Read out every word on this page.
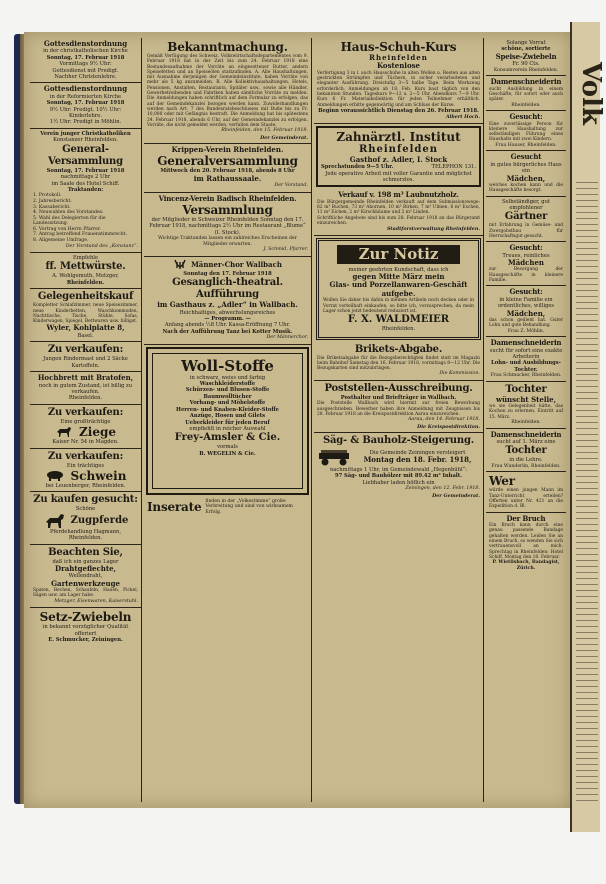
Gottesdienstordnung
in der christkatholischen Kirche
Sonntag, 17. Februar 1918
Vormittags 9½ Uhr:
Gottesdienst mit Predigt.
Nachher Christenlehre.
Gottesdienstordnung
in der Reformierten Kirche
Sonntag, 17. Februar 1918
9½ Uhr: Predigt. 10½ Uhr: Kinderlehre.
1½ Uhr: Predigt in Möhlin.
Verein junger Christkatholiken
Konstanzer Rheinfelden.
General-Versammlung
Sonntag, 17. Februar 1918
nachmittags 2 Uhr
im Saale des Hotel Schiff.
Traktanden:
1. Protokoll.
2. Jahresbericht.
3. Kassabericht.
4. Neuwahlen des Vorstandes.
5. Wahl des Delegierten für die Landessitzung.
6. Vortrag von Herrn Pfarrer.
7. Antrag betreffend Frauenstimmrecht.
8. Allgemeine Umfrage.
Der Vorstand des „Konstanz“.
Empfehle
ff. Mettwürste.
A. Wohlgemuth, Metzger,
Rheinfelden.
Gelegenheitskauf
Kompletter Schlafzimmer, neue Speisezimmer, neue Kinderbetten, Waschkommoden, Nachttische, Tische, Stühle, Sofas, Kinderwagen, Spiegel, Bettwaren usw. billigst.
Wyler, Kohlplatte 8,
Basel.
Zu verkaufen:
Jungen Rindermast und 2 Säcke Kartoffeln.
Hochbrett mit Bratofen,
noch in gutem Zustand, ist billig zu verkaufen.
Rheinfelden.
Zu verkaufen:
Eine großträchtige
Ziege
Kaiser Nr. 54 in Magden.
Zu verkaufen:
Ein trächtiges
Schwein
bei Leuenberger, Rheinfelden.
Zu kaufen gesucht:
Schöne
Zugpferde
Pferdehandlung Hagmann, Rheinfelden.
Beachten Sie,
daß ich ein ganzes Lager
Drahtgeflechte,
Wellendraht,
Gartenwerkzeuge
Spaten, Rechen, Schaufeln, Hauen, Pickel, Sägen usw. am Lager habe.
Metzger, Eisenwaren, Kaiserstuhl.
Setz-Zwiebeln
in bekannt vorzüglicher Qualität offeriert
E. Schmucker, Zeiningen.
Bekanntmachung.
Gemäß Verfügung des Schweiz. Volkswirtschaftsdepartementes vom 9. Februar 1918 hat in der Zeit bis zum 24. Februar 1918 eine Bestandesaufnahme der Vorräte an eingesottener Butter, andern Speisefetten und an Speiseölen stattzufinden. A. Alle Haushaltungen, mit Ausnahme derjenigen der Gemeindeinstitute, haben Vorräte von mehr als 5 kg anzumelden. B. Alle Kollektivhaushaltungen, Hotels, Pensionen, Anstalten, Restaurants, Spitäler usw., sowie alle Händler, Gewerbetreibenden und Fabriken haben sämtliche Vorräte zu melden. Die Anmeldungen haben schriftlich auf dem Formular zu erfolgen, das auf der Gemeindekanzlei bezogen werden kann. Zuwiderhandlungen werden nach Art. 7 des Bundesratsbeschlusses mit Buße bis zu Fr. 10,000 oder mit Gefängnis bestraft. Die Anmeldung hat bis spätestens 24. Februar 1918, abends 6 Uhr, auf der Gemeindekanzlei zu erfolgen. Vorräte, die nicht gemeldet werden, verfallen dem Staate.
Rheinfelden, den 15. Februar 1918.
Der Gemeinderat.
Krippen-Verein Rheinfelden.
Generalversammlung
Mittwoch den 20. Februar 1918, abends 8 Uhr
im Rathaussaale.
Der Vorstand.
Vincenz-Verein Badisch Rheinfelden.
Versammlung
der Mitglieder in Schweizer Rheinfelden Sonntag den 17. Februar 1918, nachmittags 2½ Uhr im Restaurant „Blume“ (I. Stock).
Wichtige Traktanden lassen ein zahlreiches Erscheinen der Mitglieder erwarten.
J. Schmid, Pfarrer.
Männer-Chor Wallbach
Sonntag den 17. Februar 1918
Gesanglich-theatral. Aufführung
im Gasthaus z. „Adler“ in Wallbach.
Reichhaltiges, abwechslungsreiches
— Programm. —
Anfang abends ½8 Uhr. Kassa-Eröffnung 7 Uhr.
Nach der Aufführung Tanz bei Kotter Musik.
Der Männerchor.
Woll-Stoffe
in schwarz, weiss und farbig
Waschkleiderstoffe
Schürzen- und Blusen-Stoffe
Baumwolltücher
Vorhang- und Möbelstoffe
Herren- und Knaben-Kleider-Stoffe
Anzüge, Hosen und Gilets
Ueberkleider für jeden Beruf
empfiehlt in reicher Auswahl
Frey-Amsler & Cie.
vormals
B. WEGELIN & Cie.
Inserate finden in der „Volksstimme“ große Verbreitung und sind von wirksamem Erfolg.
Haus-Schuh-Kurs
Rheinfelden
Kostenlose
Verfertigung 3 in l. auch Hausschuhe in alten Wollen u. Resten aus alten gestrickten Strümpfen und Tüchern, in sicher verarbeiteten und eleganter Ausführung. Dreistufig 3—5 halbe Tage. Beim Werkzeug erforderlich. Anmeldungen ab 18. Feb. Kurs baut täglich von den bekannten Stunden. Tageskurs 9—12 u. 2—5 Uhr. Abendkurs 7—9 Uhr. Kurs 6 Fr. Materialkollektion für jeden Teilnehmer erhältlich. Anmeldungen erbitte gegenwärtig und am Schluss der Kurse.
Beginn voraussichtlich Dienstag den 26. Februar 1918.
Albert Hoch.
Zahnärztl. Institut
Rheinfelden
Gasthof z. Adler, I. Stock
Sprechstunden 9—5 Uhr.	TELEPHON 131.
Jede operative Arbeit mit voller Garantie und möglichst schmerzlos.
Verkauf v. 198 m³ Laubnutzholz.
Die Bürgergemeinde Rheinfelden verkauft auf dem Submissionswege: 82 m³ Buchen, 73 m³ Ahornen, 10 m³ Birken, 7 m³ Ulmen, 6 m³ Eschen, 11 m³ Eichen, 2 m³ Kirschbäume und 2 m³ Linden.
Schriftliche Angebote sind bis zum 28. Februar 1918 an das Bürgeramt einzureichen.
Stadtforstverwaltung Rheinfelden.
Zur Notiz
meiner geehrten Kundschaft, dass ich
gegen Mitte März mein
Glas- und Porzellanwaren-Geschäft
aufgebe.
Wollen Sie daher bis dahin in meinen Artikeln noch decken oder in Vorrat vorteilhaft einkaufen, so bitte ich, vorzusprechen, da mein Lager schon jetzt bedeutend reduziert ist.
F. X. WALDMEIER
Rheinfelden.
Brikets-Abgabe.
Die Briketsabgabe für die Bezugsberechtigten findet statt im Magazin beim Bahnhof Samstag den 16. Februar 1918, vormittags 8—12 Uhr. Die Bezugskarten sind mitzubringen.
Die Kommission.
Poststellen-Ausschreibung.
Posthalter und Briefträger in Wallbach.
Die Poststelle Wallbach wird hiermit zur freien Bewerbung ausgeschrieben. Bewerber haben ihre Anmeldung mit Zeugnissen bis 28. Februar 1918 an die Kreispostdirektion Aarau einzureichen.
Aarau, den 14. Februar 1918.
Die Kreispostdirektion.
Säg- & Bauholz-Steigerung.
Die Gemeinde Zeiningen versteigert
Montag den 18. Febr. 1918,
nachmittags 1 Uhr, im Gemeindewald „Hegenbühl“:
97 Säg- und Bauhölzer mit 89.42 m³ Inhalt.
Liebhaber laden höflich ein
Zeiningen, den 12. Febr. 1918.
Der Gemeinderat.
Solange Vorrat
schöne, sortierte
Speise-Zwiebeln
Fr. 90 Cts.
Konsumverein Rheinfelden.
Damenschneiderin
sucht Ausbildung in einem Geschäfte, für sofort oder auch später.
Rheinfelden.
Gesucht:
Eine zuverlässige Person für kleinere Haushaltung zur selbständigen Führung eines Haushalts mit zwei Kindern.
Frau Hauser, Rheinfelden.
Gesucht
in gutes bürgerliches Haus ein
Mädchen,
welches kochen kann und die Hausgeschäfte besorgt.
Selbständiger, gut empfohlener
Gärtner
mit Erfahrung in Gemüse- und Zwergobstbau für Herrschaftsgut gesucht.
Gesucht:
Treues, reinliches
Mädchen
zur Besorgung der Hausgeschäfte in kleinere Familie.
Gesucht:
in kleine Familie ein ordentliches, williges
Mädchen,
das schon gedient hat. Guter Lohn und gute Behandlung.
Frau Z. Möhlin.
Damenschneiderin
sucht für sofort eine exakte Arbeiterin
Lohn- und Ausbildungs-Tochter.
Frau Schmucker, Rheinfelden.
Tochter
wünscht Stelle,
wo sie Gelegenheit hätte, das Kochen zu erlernen. Eintritt auf 15. März.
Rheinfelden.
Damenschneiderin
sucht auf 1. März eine
Tochter
in die Lehre.
Frau Wunderlin, Rheinfelden.
Wer
würde einen jungen Mann im Tanz-Unterricht erteilen? Offerten unter Nr. 421 an die Expedition d. Bl.
Der Bruch
Ein Bruch kann durch eine genau passende Bandage gehalten werden. Leiden Sie an einem Bruch, so wenden Sie sich vertrauensvoll an mich. Sprechtag in Rheinfelden: Hotel Schiff, Montag den 18. Februar.
P. Wietlisbach, Bandagist, Zürich.
Volk
